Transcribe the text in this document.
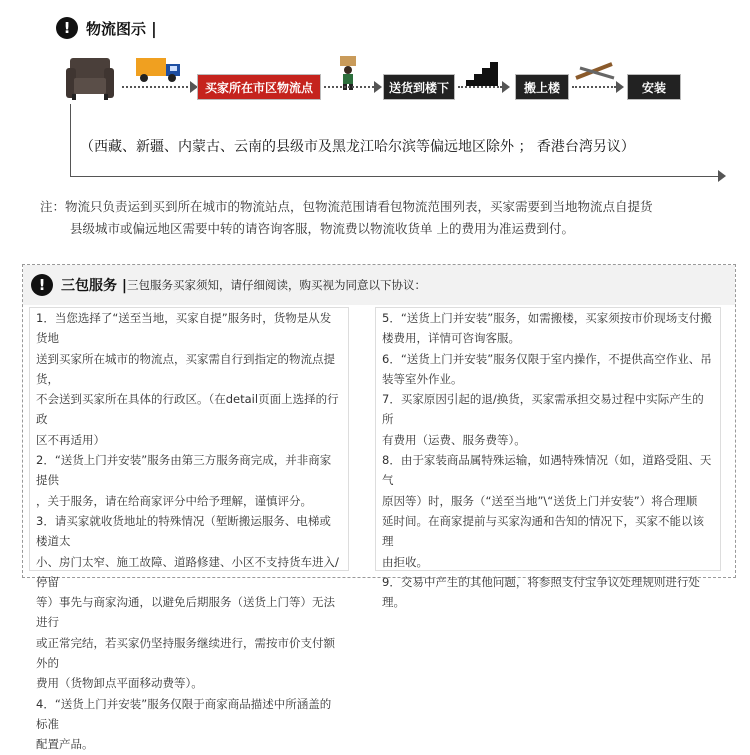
!	物流图示 |
买家所在市区物流点	送货到楼下	搬上楼	安装
（西藏、新疆、内蒙古、云南的县级市及黑龙江哈尔滨等偏远地区除外 ； 香港台湾另议）
注：物流只负责运到买到所在城市的物流站点，包物流范围请看包物流范围列表，买家需要到当地物流点自提货
县级城市或偏远地区需要中转的请咨询客服，物流费以物流收货单 上的费用为准运费到付。
!	三包服务 | 三包服务买家须知，请仔细阅读，购买视为同意以下协议：
1．当您选择了“送至当地，买家自提”服务时，货物是从发货地
送到买家所在城市的物流点，买家需自行到指定的物流点提货，
不会送到买家所在具体的行政区。（在detail页面上选择的行政
区不再适用）
2．“送货上门并安装”服务由第三方服务商完成，并非商家提供
，关于服务，请在给商家评分中给予理解，谨慎评分。
3．请买家就收货地址的特殊情况（堑断搬运服务、电梯或楼道太
小、房门太窄、施工故障、道路修建、小区不支持货车进入/停留
等）事先与商家沟通，以避免后期服务（送货上门等）无法进行
或正常完结，若买家仍坚持服务继续进行，需按市价支付额外的
费用（货物卸点平面移动费等）。
4．“送货上门并安装”服务仅限于商家商品描述中所涵盖的标准
配置产品。
5．“送货上门并安装”服务，如需搬楼，买家须按市价现场支付搬
楼费用，详情可咨询客服。
6．“送货上门并安装”服务仅限于室内操作，不提供高空作业、吊
装等室外作业。
7．买家原因引起的退/换货，买家需承担交易过程中实际产生的所
有费用（运费、服务费等）。
8．由于家装商品属特殊运输，如遇特殊情况（如，道路受阻、天气
原因等）时，服务（“送至当地”\“送货上门并安装”）将合理顺
延时间。在商家提前与买家沟通和告知的情况下，买家不能以该理
由拒收。
9．交易中产生的其他问题，将参照支付宝争议处理规则进行处理。
